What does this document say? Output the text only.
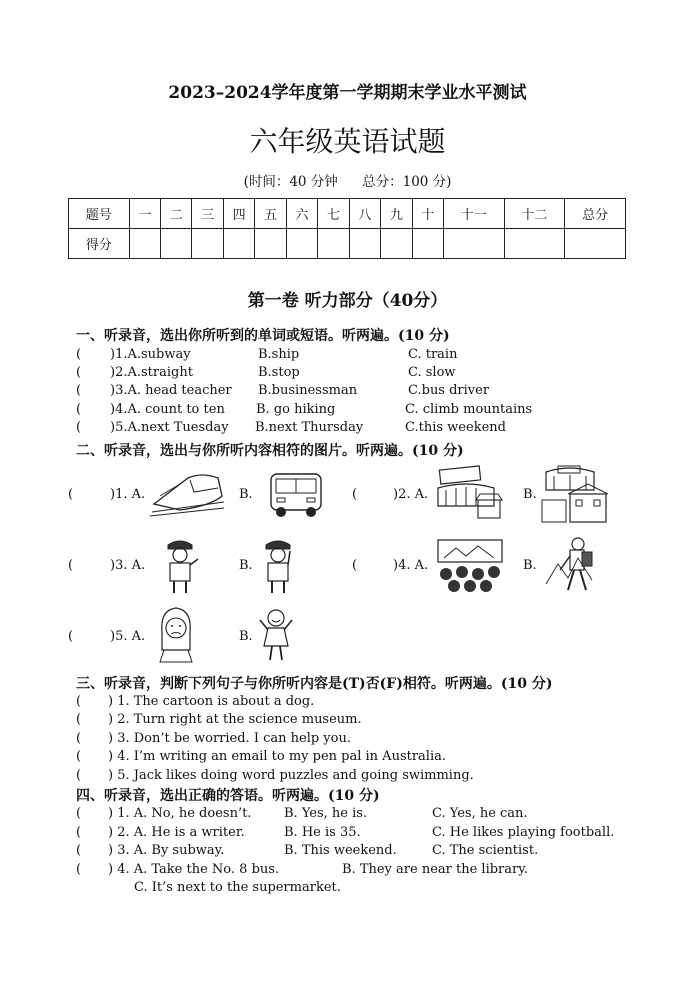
2023–2024学年度第一学期期末学业水平测试
六年级英语试题
(时间：40 分钟 总分：100 分)
题号	一	二	三	四	五	六	七	八	九	十	十一	十二	总分
得分													
第一卷 听力部分（40分）
一、听录音，选出你所听到的单词或短语。听两遍。(10 分)
( )1.A.subway	B.ship	C. train
( )2.A.straight	B.stop	C. slow
( )3.A. head teacher B.businessman	C.bus driver
( )4.A. count to ten B. go hiking	C. climb mountains
( )5.A.next Tuesday B.next Thursday	C.this weekend
二、听录音，选出与你所听内容相符的图片。听两遍。(10 分)
(	)1. A.	B.	(	)2. A.	B.
(	)3. A.	B.	(	)4. A.	B.
(	)5. A.	B.
三、听录音，判断下列句子与你所听内容是(T)否(F)相符。听两遍。(10 分)
( ) 1. The cartoon is about a dog.
( ) 2. Turn right at the science museum.
( ) 3. Don’t be worried. I can help you.
( ) 4. I’m writing an email to my pen pal in Australia.
( ) 5. Jack likes doing word puzzles and going swimming.
四、听录音，选出正确的答语。听两遍。(10 分)
( ) 1. A. No, he doesn’t.	B. Yes, he is.	C. Yes, he can.
( ) 2. A. He is a writer.	B. He is 35.	C. He likes playing football.
( ) 3. A. By subway.	B. This weekend.	C. The scientist.
( ) 4. A. Take the No. 8 bus.	B. They are near the library.
C. It’s next to the supermarket.
